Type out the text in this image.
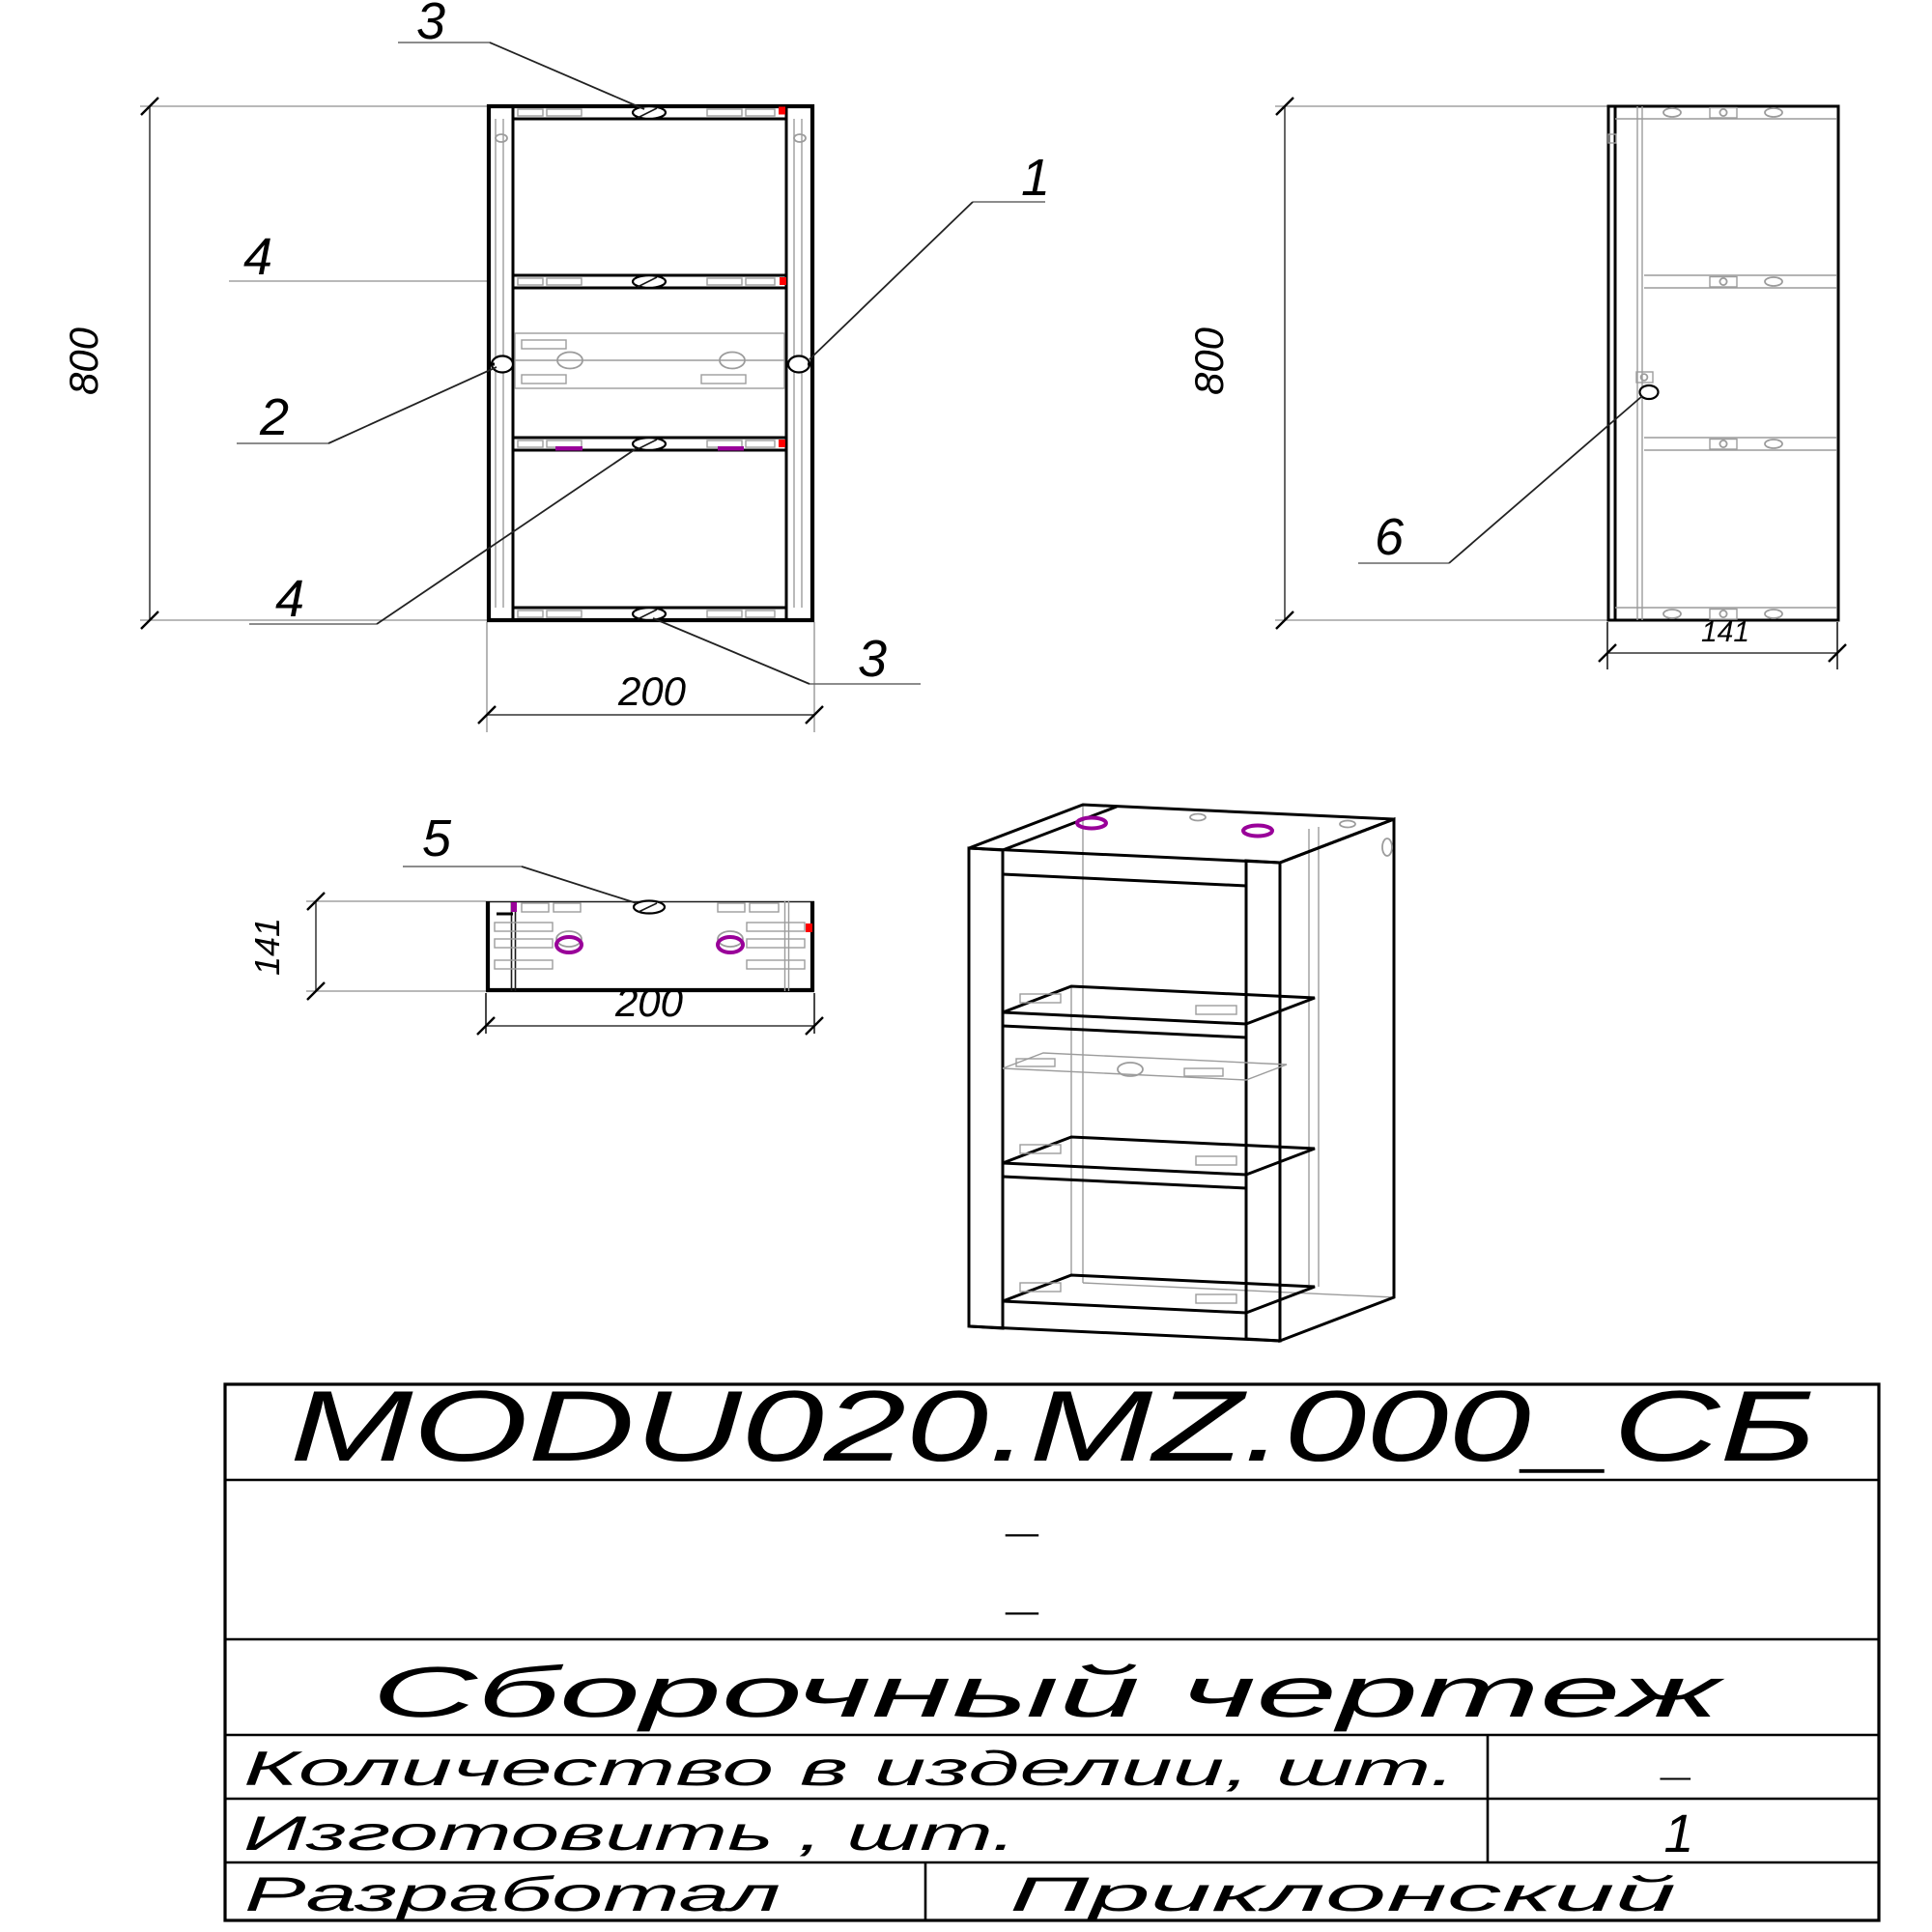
800
200
3
4
2
4
1
3
800
141
6
141
200
5
MODU020.MZ.000_СБ
_
_
Сборочный чертеж
Количество в изделии, шт.	_
Изготовить , шт.	1
Разработал	Приклонский
